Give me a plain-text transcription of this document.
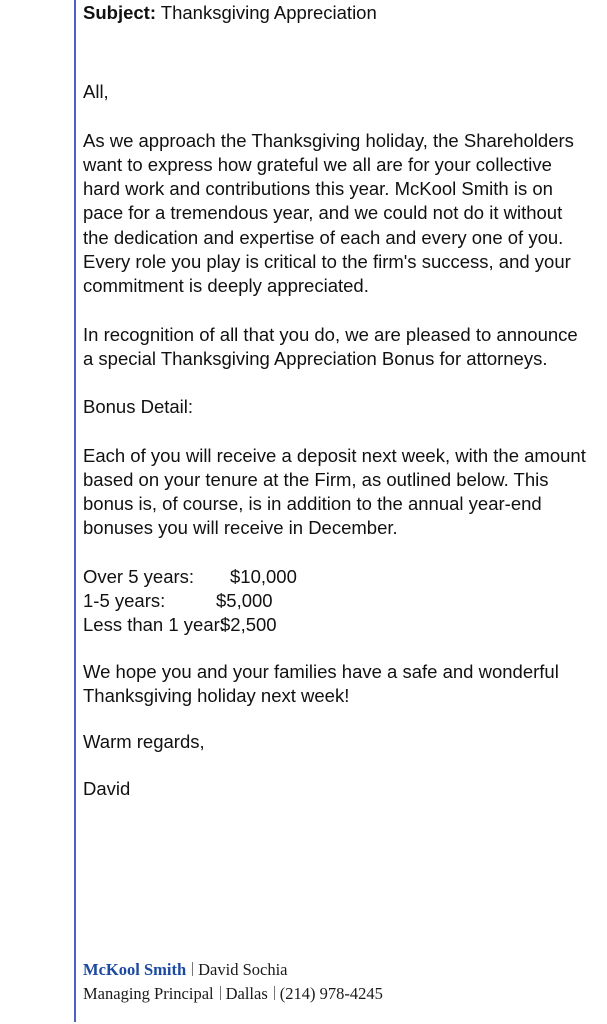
Subject: Thanksgiving Appreciation

All,

As we approach the Thanksgiving holiday, the Shareholders want to express how grateful we all are for your collective hard work and contributions this year. McKool Smith is on pace for a tremendous year, and we could not do it without the dedication and expertise of each and every one of you. Every role you play is critical to the firm's success, and your commitment is deeply appreciated.

In recognition of all that you do, we are pleased to announce a special Thanksgiving Appreciation Bonus for attorneys.

Bonus Detail:

Each of you will receive a deposit next week, with the amount based on your tenure at the Firm, as outlined below. This bonus is, of course, is in addition to the annual year-end bonuses you will receive in December.

Over 5 years:	$10,000
1-5 years:	$5,000
Less than 1 year:
$2,500

We hope you and your families have a safe and wonderful Thanksgiving holiday next week!

Warm regards,

David

McKool Smith David Sochia
Managing Principal Dallas (214) 978-4245
